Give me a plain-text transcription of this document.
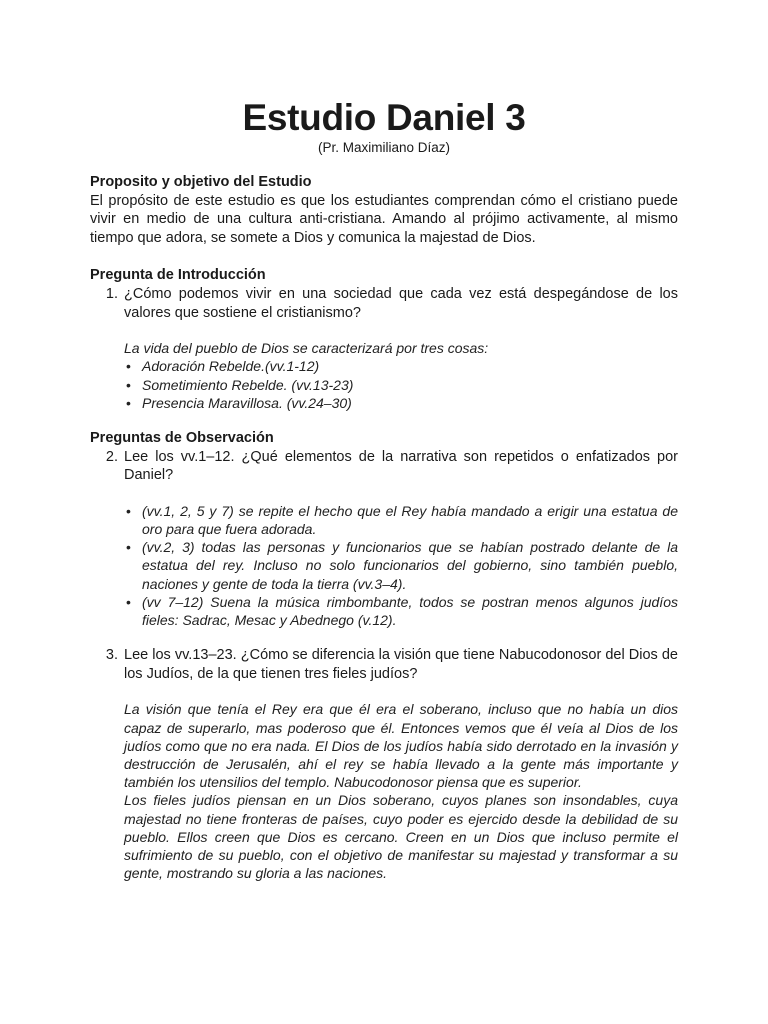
Estudio Daniel 3
(Pr. Maximiliano Díaz)

Proposito y objetivo del Estudio

El propósito de este estudio es que los estudiantes comprendan cómo el cristiano puede vivir en medio de una cultura anti-cristiana. Amando al prójimo activamente, al mismo tiempo que adora, se somete a Dios y comunica la majestad de Dios.

Pregunta de Introducción

1. ¿Cómo podemos vivir en una sociedad que cada vez está despegándose de los valores que sostiene el cristianismo?

La vida del pueblo de Dios se caracterizará por tres cosas:

• Adoración Rebelde.(vv.1-12)
• Sometimiento Rebelde. (vv.13-23)
• Presencia Maravillosa. (vv.24–30)

Preguntas de Observación

2. Lee los vv.1–12. ¿Qué elementos de la narrativa son repetidos o enfatizados por Daniel?
• (vv.1, 2, 5 y 7) se repite el hecho que el Rey había mandado a erigir una estatua de oro para que fuera adorada.
• (vv.2, 3) todas las personas y funcionarios que se habían postrado delante de la estatua del rey. Incluso no solo funcionarios del gobierno, sino también pueblo, naciones y gente de toda la tierra (vv.3–4).
• (vv 7–12) Suena la música rimbombante, todos se postran menos algunos judíos fieles: Sadrac, Mesac y Abednego (v.12).
3. Lee los vv.13–23. ¿Cómo se diferencia la visión que tiene Nabucodonosor del Dios de los Judíos, de la que tienen tres fieles judíos?

La visión que tenía el Rey era que él era el soberano, incluso que no había un dios capaz de superarlo, mas poderoso que él. Entonces vemos que él veía al Dios de los judíos como que no era nada. El Dios de los judíos había sido derrotado en la invasión y destrucción de Jerusalén, ahí el rey se había llevado a la gente más importante y también los utensilios del templo. Nabucodonosor piensa que es superior.

Los fieles judíos piensan en un Dios soberano, cuyos planes son insondables, cuya majestad no tiene fronteras de países, cuyo poder es ejercido desde la debilidad de su pueblo. Ellos creen que Dios es cercano. Creen en un Dios que incluso permite el sufrimiento de su pueblo, con el objetivo de manifestar su majestad y transformar a su gente, mostrando su gloria a las naciones.
